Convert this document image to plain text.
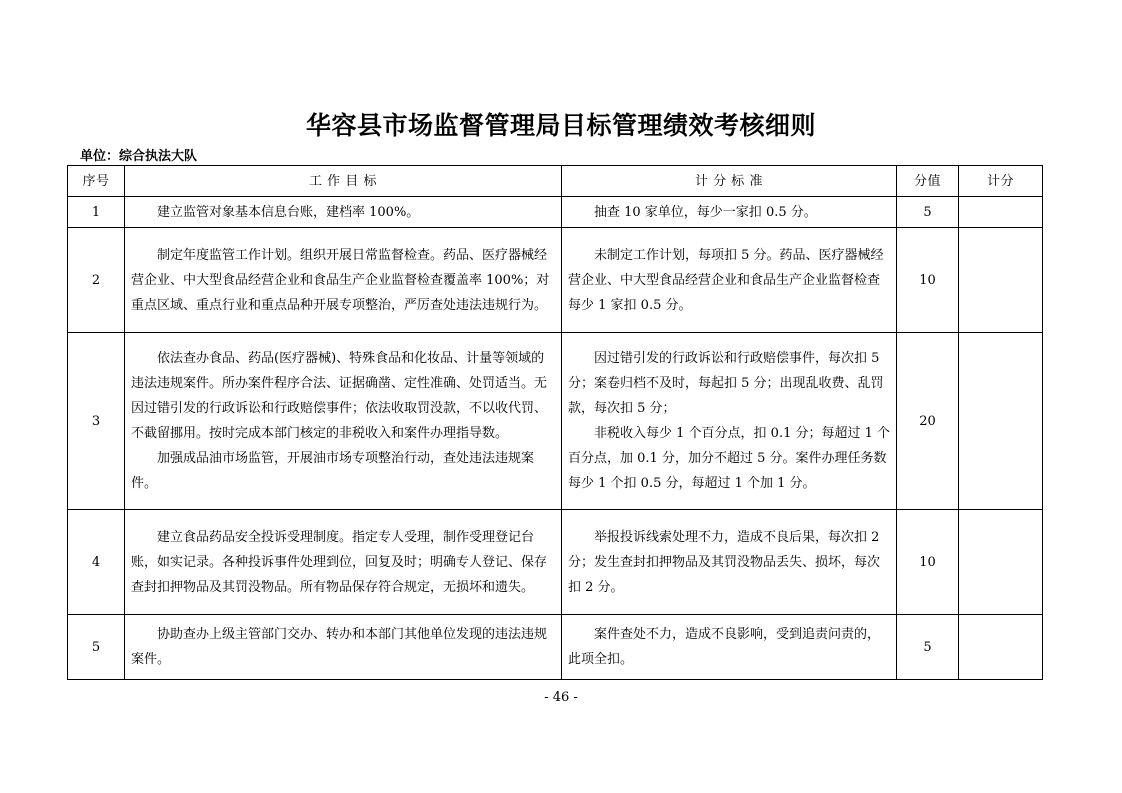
华容县市场监督管理局目标管理绩效考核细则
单位：综合执法大队
序号	工 作 目 标	计 分 标 准	分值	计分
1	建立监管对象基本信息台账，建档率 100%。	抽查 10 家单位，每少一家扣 0.5 分。	5	
2	制定年度监管工作计划。组织开展日常监督检查。药品、医疗器械经营企业、中大型食品经营企业和食品生产企业监督检查覆盖率 100%；对重点区域、重点行业和重点品种开展专项整治，严厉查处违法违规行为。	未制定工作计划，每项扣 5 分。药品、医疗器械经营企业、中大型食品经营企业和食品生产企业监督检查每少 1 家扣 0.5 分。	10	
3	依法查办食品、药品(医疗器械)、特殊食品和化妆品、计量等领域的违法违规案件。所办案件程序合法、证据确凿、定性准确、处罚适当。无因过错引发的行政诉讼和行政赔偿事件；依法收取罚没款，不以收代罚、不截留挪用。按时完成本部门核定的非税收入和案件办理指导数。
加强成品油市场监管，开展油市场专项整治行动，查处违法违规案件。	因过错引发的行政诉讼和行政赔偿事件，每次扣 5 分；案卷归档不及时，每起扣 5 分；出现乱收费、乱罚款，每次扣 5 分；
非税收入每少 1 个百分点，扣 0.1 分；每超过 1 个百分点，加 0.1 分，加分不超过 5 分。案件办理任务数每少 1 个扣 0.5 分，每超过 1 个加 1 分。	20	
4	建立食品药品安全投诉受理制度。指定专人受理，制作受理登记台账，如实记录。各种投诉事件处理到位，回复及时；明确专人登记、保存查封扣押物品及其罚没物品。所有物品保存符合规定，无损坏和遗失。	举报投诉线索处理不力，造成不良后果，每次扣 2 分；发生查封扣押物品及其罚没物品丢失、损坏，每次扣 2 分。	10	
5	协助查办上级主管部门交办、转办和本部门其他单位发现的违法违规案件。	案件查处不力，造成不良影响，受到追责问责的，此项全扣。	5	
- 46 -
